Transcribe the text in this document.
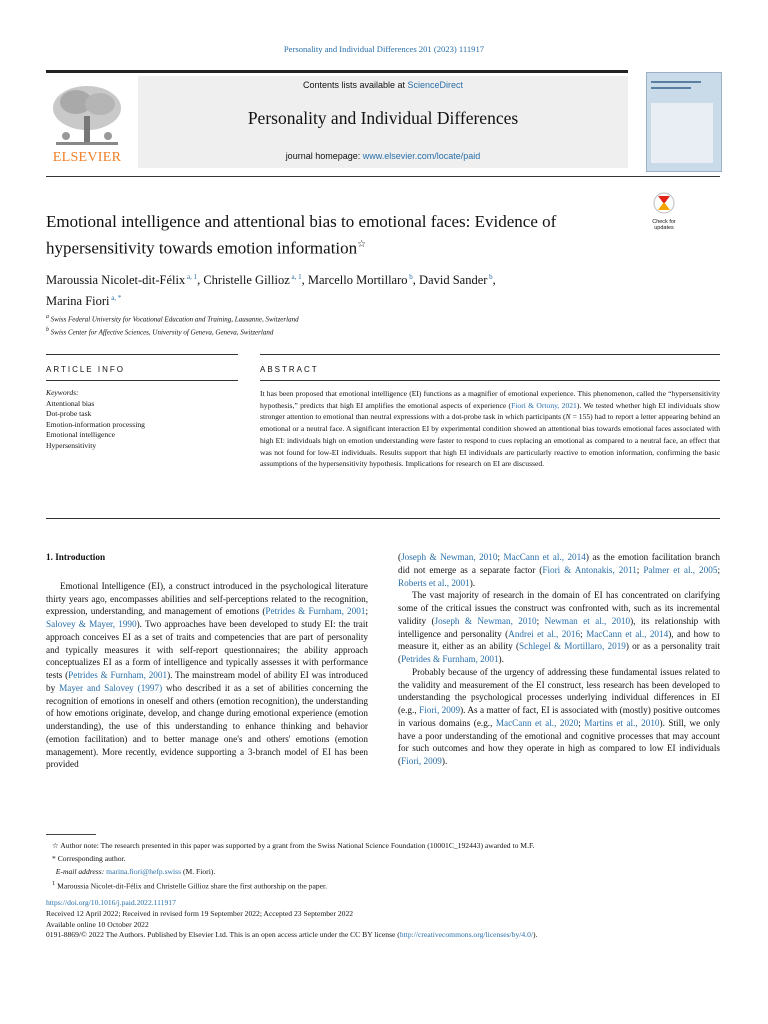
Personality and Individual Differences 201 (2023) 111917
ELSEVIER
Contents lists available at ScienceDirect
Personality and Individual Differences
journal homepage: www.elsevier.com/locate/paid
Check for updates
Emotional intelligence and attentional bias to emotional faces: Evidence of hypersensitivity towards emotion information☆
Maroussia Nicolet-dit-Félix $^{a, 1}$, Christelle Gillioz $^{a, 1}$, Marcello Mortillaro $^b$, David Sander $^b$,
Marina Fiori $^{a, *}$
$^a$ Swiss Federal University for Vocational Education and Training, Lausanne, Switzerland
$^b$ Swiss Center for Affective Sciences, University of Geneva, Geneva, Switzerland
ARTICLE INFO	ABSTRACT
Keywords:
Attentional bias
Dot-probe task
Emotion-information processing
Emotional intelligence
Hypersensitivity
It has been proposed that emotional intelligence (EI) functions as a magnifier of emotional experience. This phenomenon, called the “hypersensitivity hypothesis,” predicts that high EI amplifies the emotional aspects of experience (Fiori & Ortony, 2021). We tested whether high EI individuals show stronger attention to emotional than neutral expressions with a dot-probe task in which participants (N = 155) had to report a letter appearing behind an emotional or a neutral face. A significant interaction EI by experimental condition showed an attentional bias towards emotional faces associated with high EI: individuals high on emotion understanding were faster to respond to cues replacing an emotional as compared to a neutral face, an effect that was not found for low-EI individuals. Results support that high EI individuals are particularly reactive to emotion information, confirming the basic assumptions of the hypersensitivity hypothesis. Implications for research on EI are discussed.
1. Introduction

Emotional Intelligence (EI), a construct introduced in the psychological literature thirty years ago, encompasses abilities and self-perceptions related to the recognition, expression, understanding, and management of emotions (Petrides & Furnham, 2001; Salovey & Mayer, 1990). Two approaches have been developed to study EI: the trait approach conceives EI as a set of traits and competencies that are part of personality and typically measures it with self-report questionnaires; the ability approach conceptualizes EI as a form of intelligence and typically assesses it with performance tests (Petrides & Furnham, 2001). The mainstream model of ability EI was introduced by Mayer and Salovey (1997) who described it as a set of abilities concerning the recognition of emotions in oneself and others (emotion recognition), the understanding of how emotions originate, develop, and change during emotional experience (emotion understanding), the use of this understanding to enhance thinking and behavior (emotion facilitation) and to better manage one's and others' emotions (emotion management). More recently, evidence supporting a 3-branch model of EI has been provided

(Joseph & Newman, 2010; MacCann et al., 2014) as the emotion facilitation branch did not emerge as a separate factor (Fiori & Antonakis, 2011; Palmer et al., 2005; Roberts et al., 2001).

The vast majority of research in the domain of EI has concentrated on clarifying some of the critical issues the construct was confronted with, such as its incremental validity (Joseph & Newman, 2010; Newman et al., 2010), its relationship with intelligence and personality (Andrei et al., 2016; MacCann et al., 2014), and how to measure it, either as an ability (Schlegel & Mortillaro, 2019) or as a personality trait (Petrides & Furnham, 2001).

Probably because of the urgency of addressing these fundamental issues related to the validity and measurement of the EI construct, less research has been developed to understanding the psychological processes underlying individual differences in EI (e.g., Fiori, 2009). As a matter of fact, EI is associated with (mostly) positive outcomes in various domains (e.g., MacCann et al., 2020; Martins et al., 2010). Still, we only have a poor understanding of the emotional and cognitive processes that may account for such outcomes and how they operate in high as compared to low EI individuals (Fiori, 2009).

☆ Author note: The research presented in this paper was supported by a grant from the Swiss National Science Foundation (10001C_192443) awarded to M.F.
* Corresponding author.
E-mail address: marina.fiori@hefp.swiss (M. Fiori).
$^1$ Maroussia Nicolet-dit-Félix and Christelle Gillioz share the first authorship on the paper.
https://doi.org/10.1016/j.paid.2022.111917
Received 12 April 2022; Received in revised form 19 September 2022; Accepted 23 September 2022
Available online 10 October 2022
0191-8869/© 2022 The Authors. Published by Elsevier Ltd. This is an open access article under the CC BY license (http://creativecommons.org/licenses/by/4.0/).
